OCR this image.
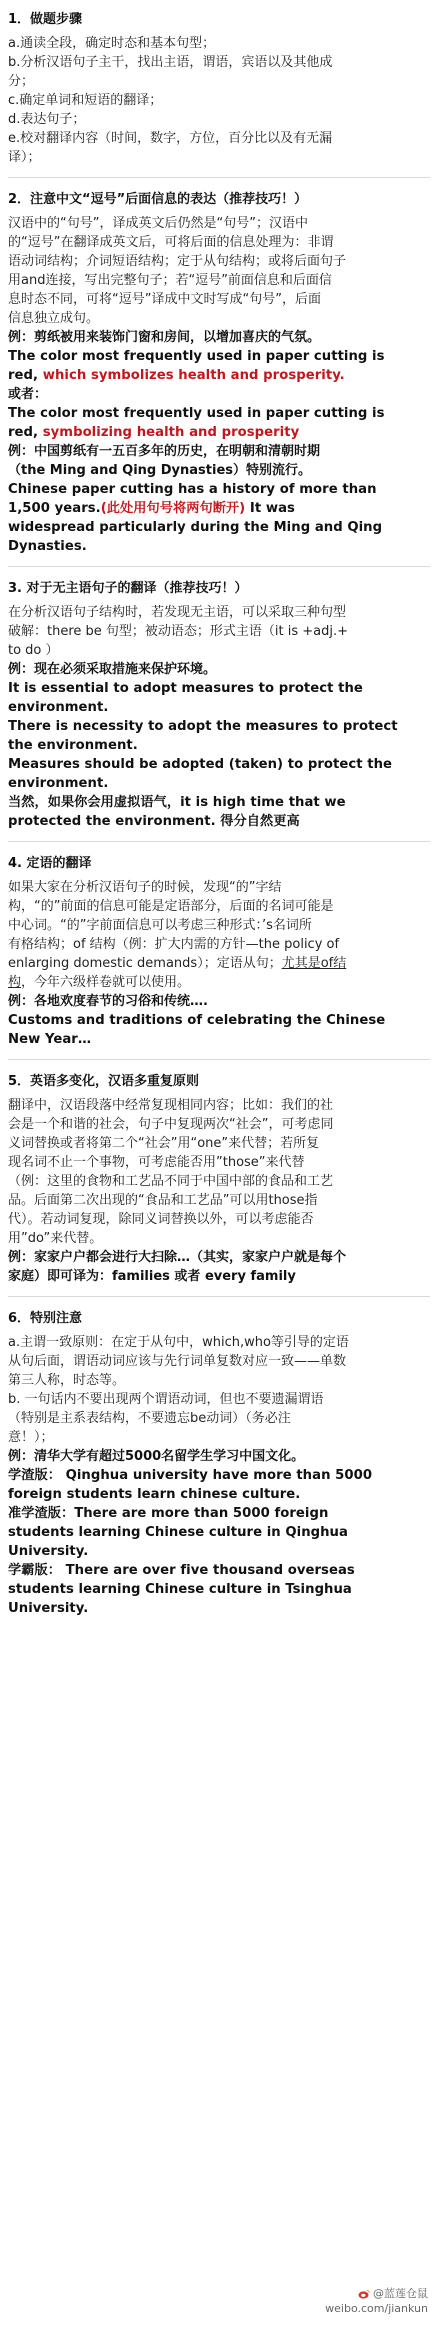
1．做题步骤
a.通读全段，确定时态和基本句型；
b.分析汉语句子主干，找出主语，谓语，宾语以及其他成
分；
c.确定单词和短语的翻译；
d.表达句子；
e.校对翻译内容（时间，数字，方位，百分比以及有无漏
译）；
2．注意中文“逗号”后面信息的表达（推荐技巧！）
汉语中的“句号”，译成英文后仍然是“句号”；汉语中
的“逗号”在翻译成英文后，可将后面的信息处理为：非谓
语动词结构；介词短语结构；定于从句结构；或将后面句子
用and连接，写出完整句子；若“逗号”前面信息和后面信
息时态不同，可将“逗号”译成中文时写成“句号”，后面
信息独立成句。
例：剪纸被用来装饰门窗和房间，以增加喜庆的气氛。
The color most frequently used in paper cutting is
red, which symbolizes health and prosperity.
或者：
The color most frequently used in paper cutting is
red, symbolizing health and prosperity
例：中国剪纸有一五百多年的历史，在明朝和清朝时期
（the Ming and Qing Dynasties）特别流行。
Chinese paper cutting has a history of more than
1,500 years.(此处用句号将两句断开) It was
widespread particularly during the Ming and Qing
Dynasties.
3. 对于无主语句子的翻译（推荐技巧！）
在分析汉语句子结构时，若发现无主语，可以采取三种句型
破解：there be 句型；被动语态；形式主语（it is +adj.+
to do ）
例：现在必须采取措施来保护环境。
It is essential to adopt measures to protect the
environment.
There is necessity to adopt the measures to protect
the environment.
Measures should be adopted (taken) to protect the
environment.
当然，如果你会用虚拟语气，it is high time that we
protected the environment. 得分自然更高
4. 定语的翻译
如果大家在分析汉语句子的时候，发现“的”字结
构，“的”前面的信息可能是定语部分，后面的名词可能是
中心词。“的”字前面信息可以考虑三种形式：’s名词所
有格结构；of 结构（例：扩大内需的方针—the policy of
enlarging domestic demands）；定语从句；尤其是of结
构，今年六级样卷就可以使用。
例：各地欢度春节的习俗和传统….
Customs and traditions of celebrating the Chinese
New Year…
5．英语多变化，汉语多重复原则
翻译中，汉语段落中经常复现相同内容；比如：我们的社
会是一个和谐的社会，句子中复现两次“社会”，可考虑同
义词替换或者将第二个“社会”用“one”来代替；若所复
现名词不止一个事物，可考虑能否用”those”来代替
（例：这里的食物和工艺品不同于中国中部的食品和工艺
品。后面第二次出现的“食品和工艺品”可以用those指
代）。若动词复现，除同义词替换以外，可以考虑能否
用”do”来代替。
例：家家户户都会进行大扫除…（其实，家家户户就是每个
家庭）即可译为：families 或者 every family
6．特别注意
a.主谓一致原则：在定于从句中，which,who等引导的定语
从句后面，谓语动词应该与先行词单复数对应一致——单数
第三人称，时态等。
b. 一句话内不要出现两个谓语动词，但也不要遗漏谓语
（特别是主系表结构，不要遗忘be动词）（务必注
意！）；
例：清华大学有超过5000名留学生学习中国文化。
学渣版： Qinghua university have more than 5000
foreign students learn chinese culture.
准学渣版：There are more than 5000 foreign
students learning Chinese culture in Qinghua
University.
学霸版： There are over five thousand overseas
students learning Chinese culture in Tsinghua
University.
@蓝莲仓鼠
weibo.com/jiankun
